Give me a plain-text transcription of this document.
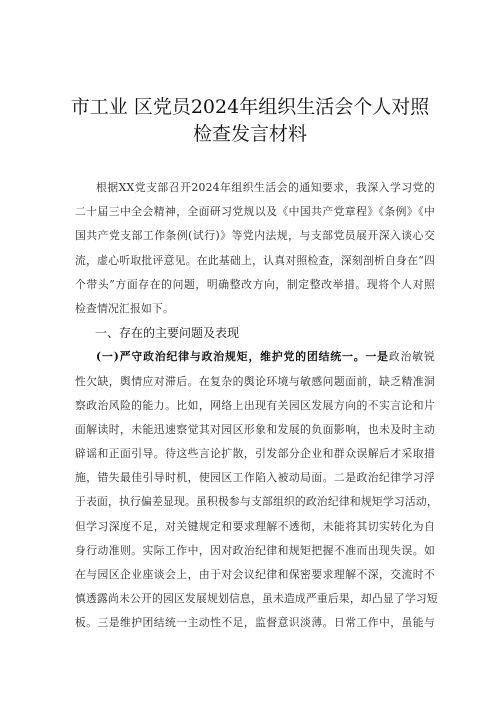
市工业 区党员2024年组织生活会个人对照
检查发言材料
根据XX党支部召开2024年组织生活会的通知要求，我深入学习党的
二十届三中全会精神，全面研习党规以及《中国共产党章程》《条例》《中
国共产党支部工作条例(试行)》等党内法规，与支部党员展开深入谈心交
流，虚心听取批评意见。在此基础上，认真对照检查，深刻剖析自身在“四
个带头”方面存在的问题，明确整改方向，制定整改举措。现将个人对照
检查情况汇报如下。
一、存在的主要问题及表现
(一)严守政治纪律与政治规矩，维护党的团结统一。一是政治敏锐
性欠缺，舆情应对滞后。在复杂的舆论环境与敏感问题面前，缺乏精准洞
察政治风险的能力。比如，网络上出现有关园区发展方向的不实言论和片
面解读时，未能迅速察觉其对园区形象和发展的负面影响，也未及时主动
辟谣和正面引导。待这些言论扩散，引发部分企业和群众误解后才采取措
施，错失最佳引导时机，使园区工作陷入被动局面。二是政治纪律学习浮
于表面，执行偏差显现。虽积极参与支部组织的政治纪律和规矩学习活动，
但学习深度不足，对关键规定和要求理解不透彻，未能将其切实转化为自
身行动准则。实际工作中，因对政治纪律和规矩把握不准而出现失误。如
在与园区企业座谈会上，由于对会议纪律和保密要求理解不深，交流时不
慎透露尚未公开的园区发展规划信息，虽未造成严重后果，却凸显了学习短
板。三是维护团结统一主动性不足，监督意识淡薄。日常工作中，虽能与
